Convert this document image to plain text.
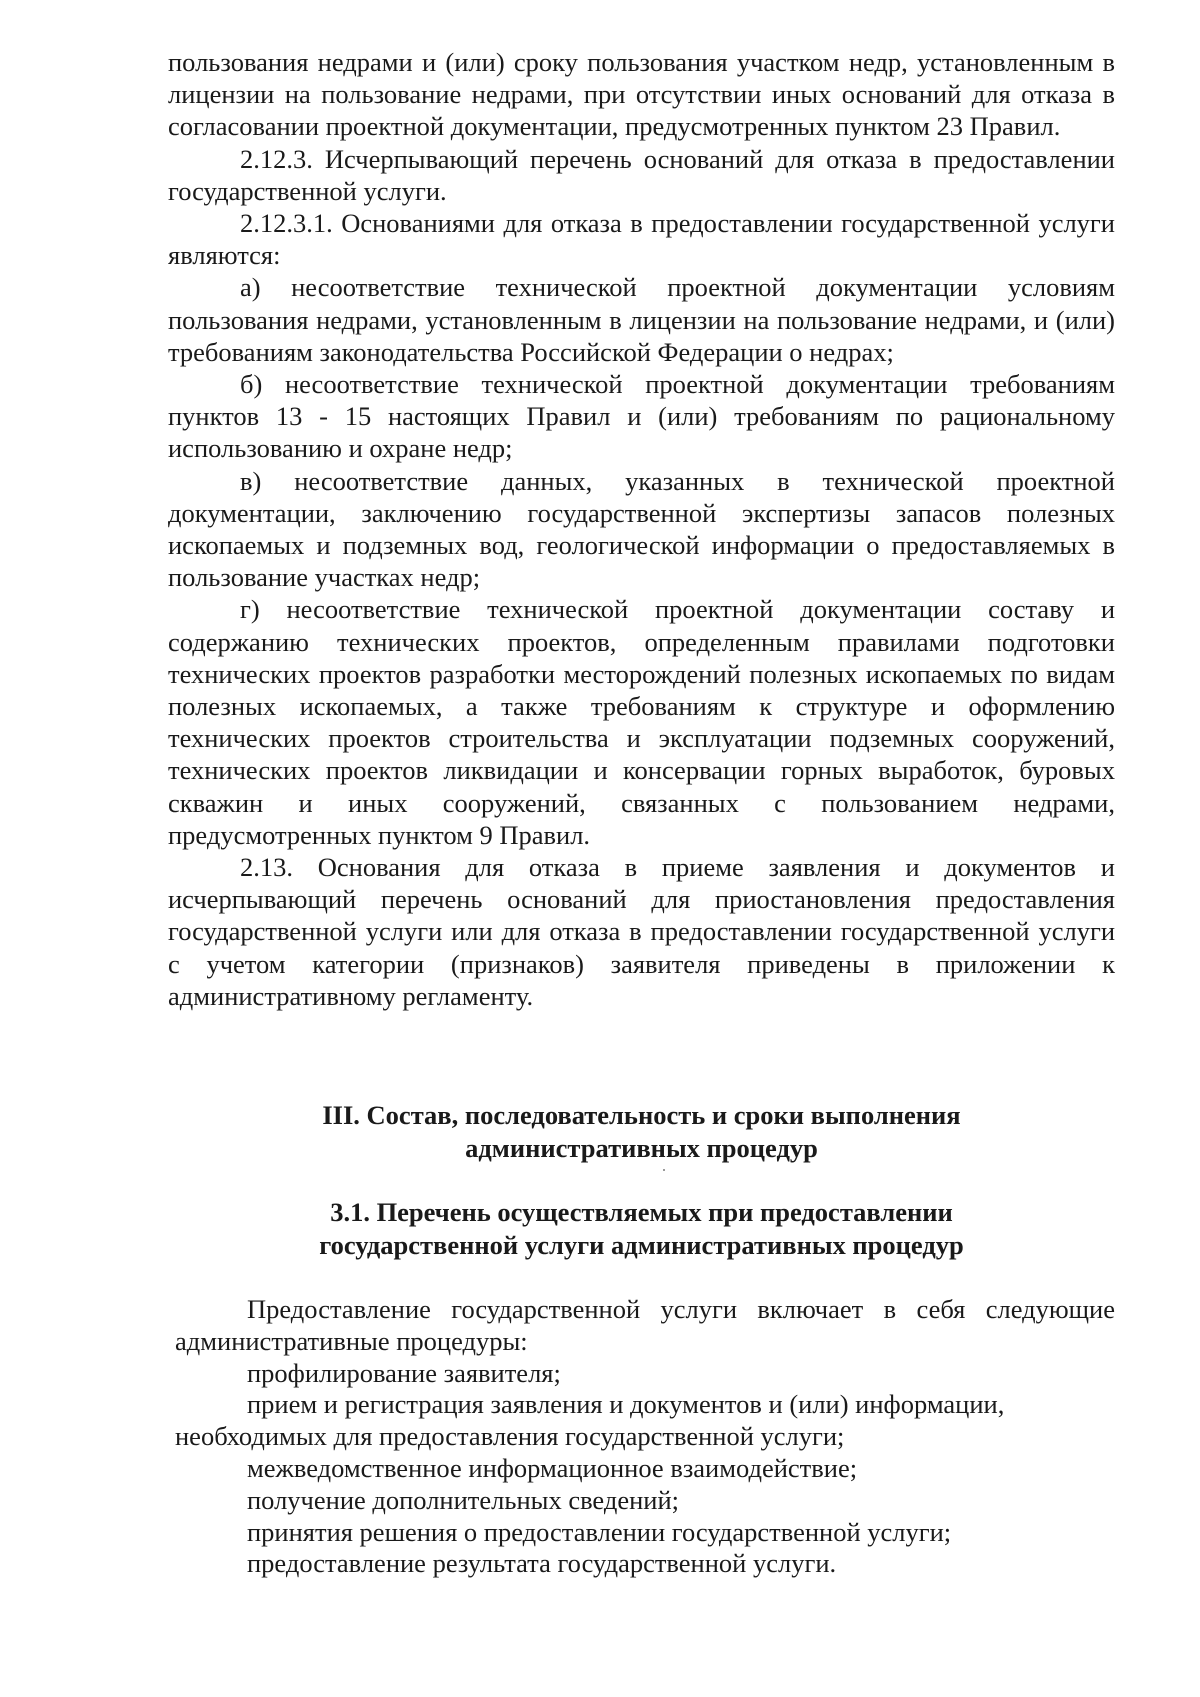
пользования недрами и (или) сроку пользования участком недр, установленным в лицензии на пользование недрами, при отсутствии иных оснований для отказа в согласовании проектной документации, предусмотренных пунктом 23 Правил.

2.12.3. Исчерпывающий перечень оснований для отказа в предоставлении государственной услуги.

2.12.3.1. Основаниями для отказа в предоставлении государственной услуги являются:

а) несоответствие технической проектной документации условиям пользования недрами, установленным в лицензии на пользование недрами, и (или) требованиям законодательства Российской Федерации о недрах;

б) несоответствие технической проектной документации требованиям пунктов 13 - 15 настоящих Правил и (или) требованиям по рациональному использованию и охране недр;

в) несоответствие данных, указанных в технической проектной документации, заключению государственной экспертизы запасов полезных ископаемых и подземных вод, геологической информации о предоставляемых в пользование участках недр;

г) несоответствие технической проектной документации составу и содержанию технических проектов, определенным правилами подготовки технических проектов разработки месторождений полезных ископаемых по видам полезных ископаемых, а также требованиям к структуре и оформлению технических проектов строительства и эксплуатации подземных сооружений, технических проектов ликвидации и консервации горных выработок, буровых скважин и иных сооружений, связанных с пользованием недрами, предусмотренных пунктом 9 Правил.

2.13. Основания для отказа в приеме заявления и документов и исчерпывающий перечень оснований для приостановления предоставления государственной услуги или для отказа в предоставлении государственной услуги с учетом категории (признаков) заявителя приведены в приложении к административному регламенту.

III. Состав, последовательность и сроки выполнения
административных процедур
3.1. Перечень осуществляемых при предоставлении
государственной услуги административных процедур

Предоставление государственной услуги включает в себя следующие административные процедуры:

профилирование заявителя;

прием и регистрация заявления и документов и (или) информации, необходимых для предоставления государственной услуги;

межведомственное информационное взаимодействие;

получение дополнительных сведений;

принятия решения о предоставлении государственной услуги;

предоставление результата государственной услуги.
